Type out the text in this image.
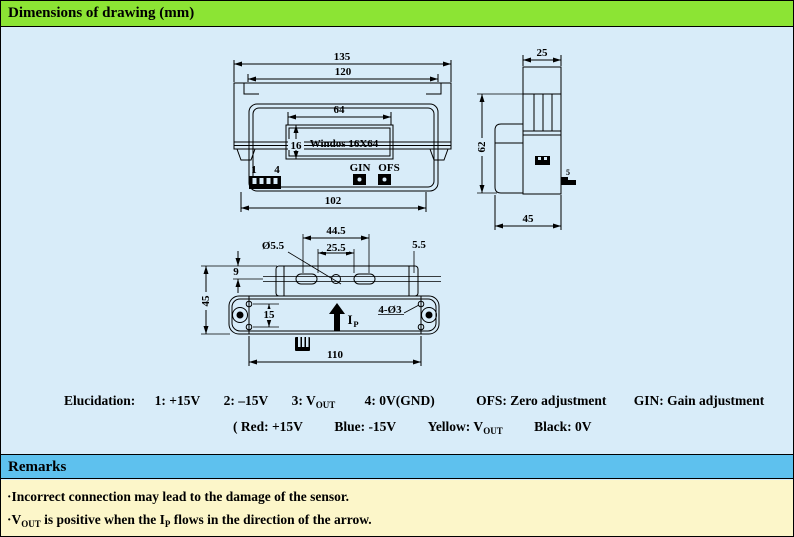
Dimensions of drawing (mm)
135
120
64
16 Windos 16X64
1 4	GIN OFS
102
25
5
62
45
44.5
25.5
Ø5.5	5.5
9
45
15	I P
4-Ø3
110
Elucidation: 1: +15V 2: –15V 3: $V_{OUT}$ 4: 0V(GND)	OFS: Zero adjustment GIN: Gain adjustment
( Red: +15V Blue: -15V Yellow: $V_{OUT}$ Black: 0V
Remarks
·Incorrect connection may lead to the damage of the sensor.
$\cdot V_{OUT}$ is positive when the $I_P$ flows in the direction of the arrow.
